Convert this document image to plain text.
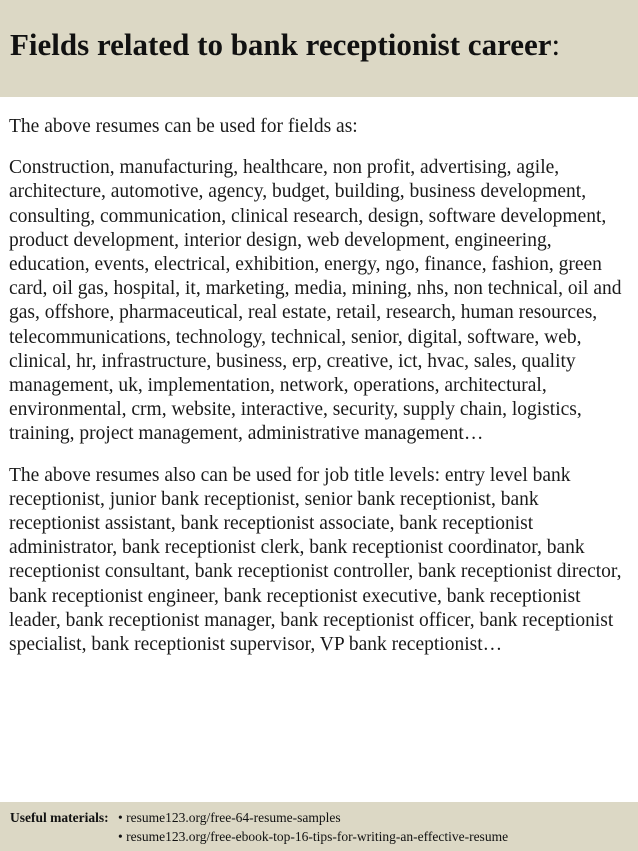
Fields related to bank receptionist career:

The above resumes can be used for fields as:

Construction, manufacturing, healthcare, non profit, advertising, agile, architecture, automotive, agency, budget, building, business development, consulting, communication, clinical research, design, software development, product development, interior design, web development, engineering, education, events, electrical, exhibition, energy, ngo, finance, fashion, green card, oil gas, hospital, it, marketing, media, mining, nhs, non technical, oil and gas, offshore, pharmaceutical, real estate, retail, research, human resources, telecommunications, technology, technical, senior, digital, software, web, clinical, hr, infrastructure, business, erp, creative, ict, hvac, sales, quality management, uk, implementation, network, operations, architectural, environmental, crm, website, interactive, security, supply chain, logistics, training, project management, administrative management…

The above resumes also can be used for job title levels: entry level bank receptionist, junior bank receptionist, senior bank receptionist, bank receptionist assistant, bank receptionist associate, bank receptionist administrator, bank receptionist clerk, bank receptionist coordinator, bank receptionist consultant, bank receptionist controller, bank receptionist director, bank receptionist engineer, bank receptionist executive, bank receptionist leader, bank receptionist manager, bank receptionist officer, bank receptionist specialist, bank receptionist supervisor, VP bank receptionist…

Useful materials: • resume123.org/free-64-resume-samples
• resume123.org/free-ebook-top-16-tips-for-writing-an-effective-resume
